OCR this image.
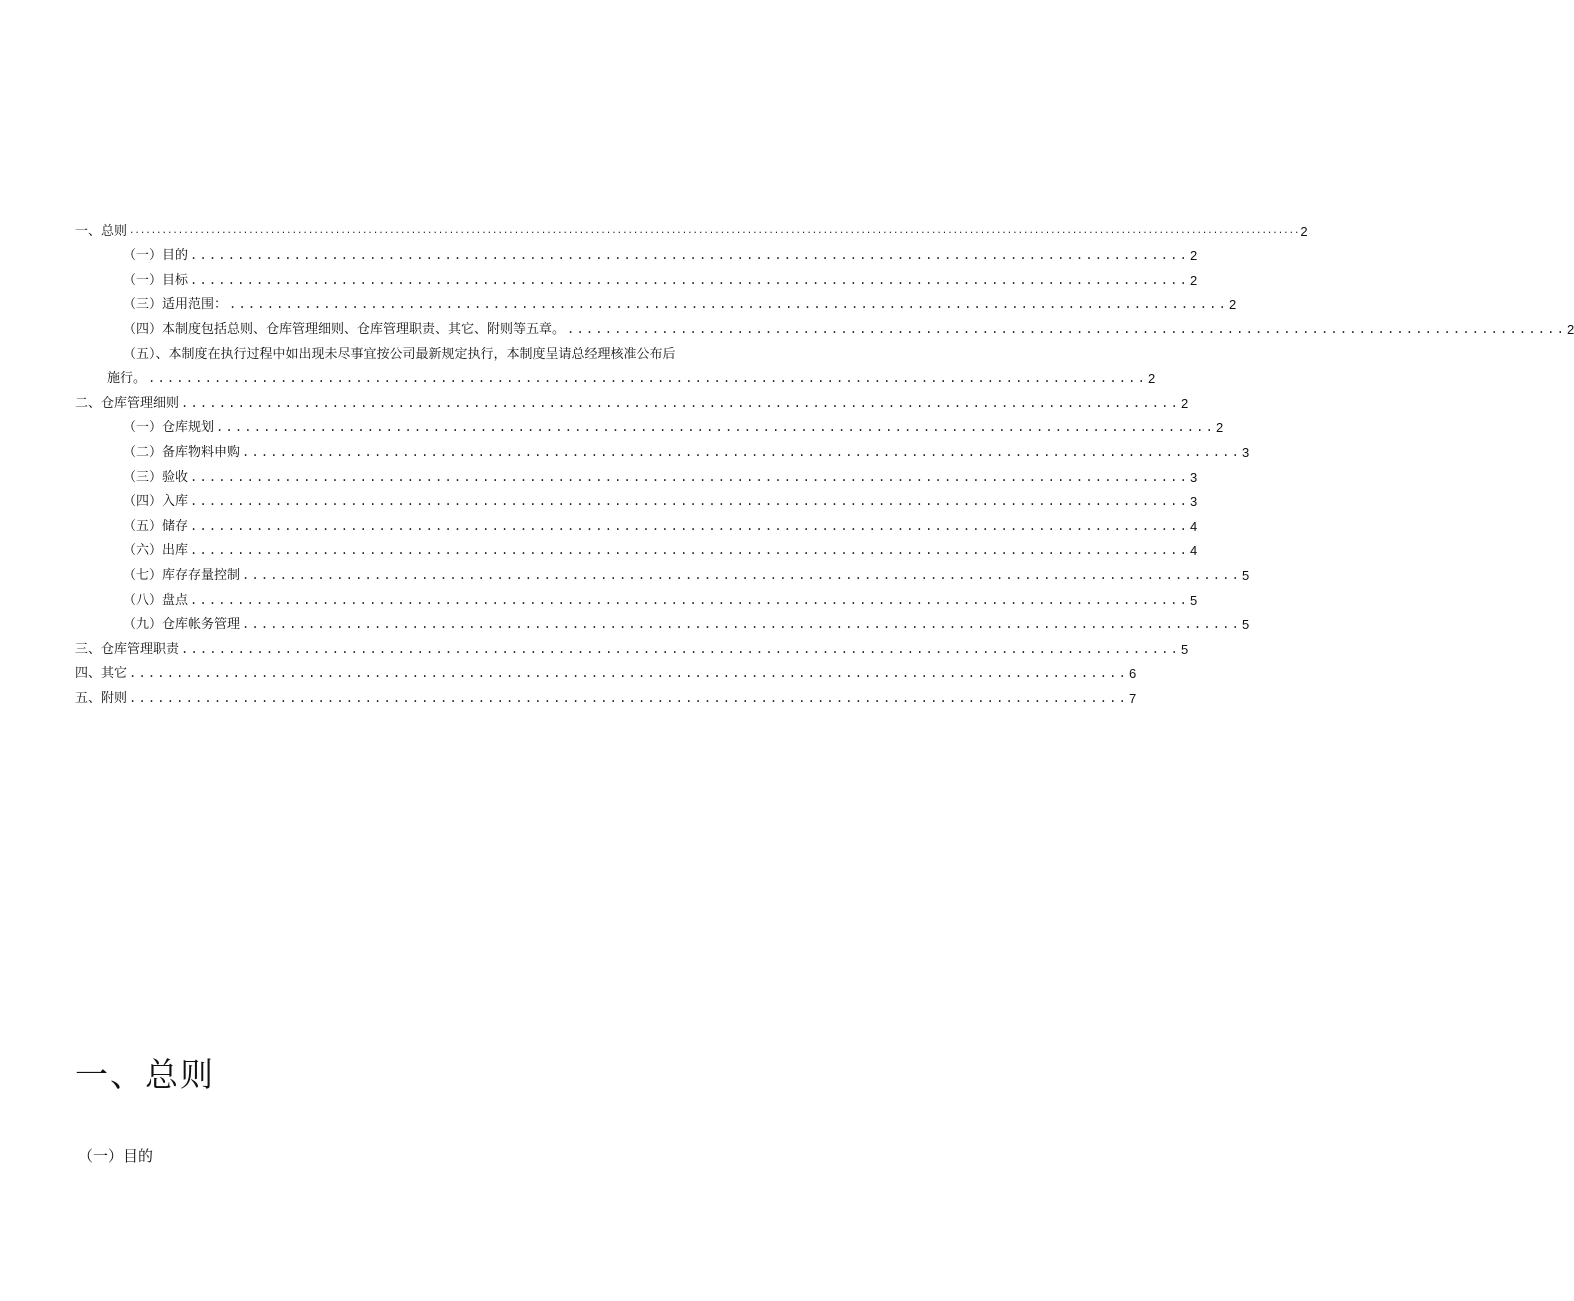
一、总则 ........................................................................................................................................................................................................................ 2
（一）目的 .......................................................................................................... 2
（一）目标 .......................................................................................................... 2
（三）适用范围： .......................................................................................................... 2
（四）本制度包括总则、仓库管理细则、仓库管理职责、其它、附则等五章。 .......................................................................................................... 2
（五）、本制度在执行过程中如出现未尽事宜按公司最新规定执行，本制度呈请总经理核准公布后
施行。 .......................................................................................................... 2
二、仓库管理细则 .......................................................................................................... 2
（一）仓库规划 .......................................................................................................... 2
（二）备库物料申购 .......................................................................................................... 3
（三）验收 .......................................................................................................... 3
（四）入库 .......................................................................................................... 3
（五）储存 .......................................................................................................... 4
（六）出库 .......................................................................................................... 4
（七）库存存量控制 .......................................................................................................... 5
（八）盘点 .......................................................................................................... 5
（九）仓库帐务管理 .......................................................................................................... 5
三、仓库管理职责 .......................................................................................................... 5
四、其它 .......................................................................................................... 6
五、附则 .......................................................................................................... 7
一、总则
（一）目的
